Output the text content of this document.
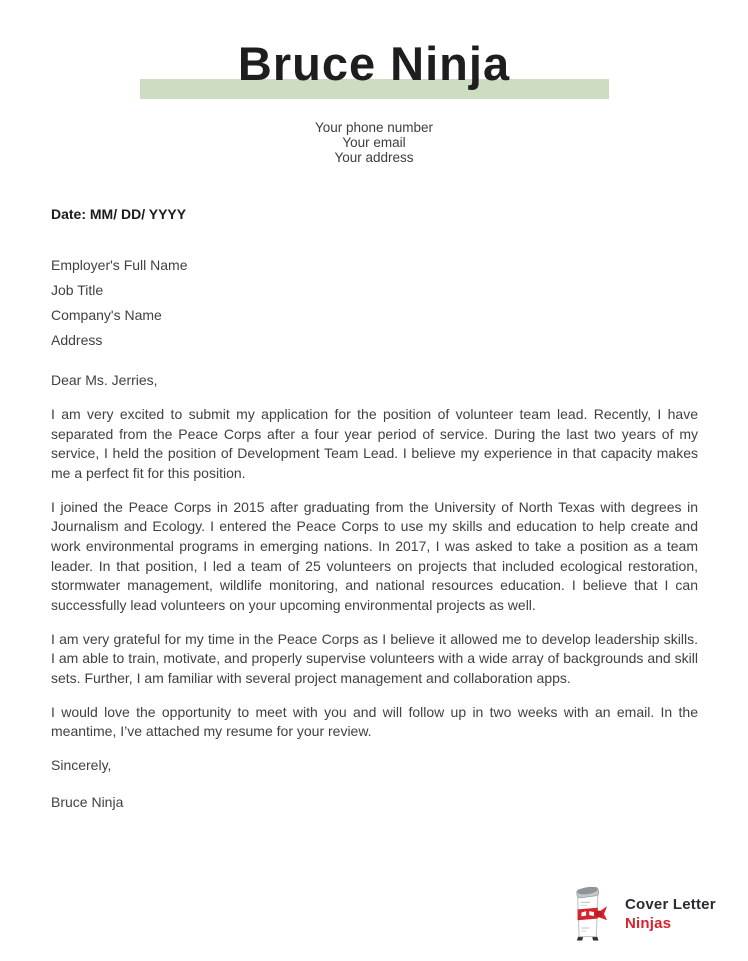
Bruce Ninja
Your phone number
Your email
Your address
Date: MM/ DD/ YYYY
Employer's Full Name
Job Title
Company's Name
Address

Dear Ms. Jerries,

I am very excited to submit my application for the position of volunteer team lead. Recently, I have separated from the Peace Corps after a four year period of service. During the last two years of my service, I held the position of Development Team Lead. I believe my experience in that capacity makes me a perfect fit for this position.

I joined the Peace Corps in 2015 after graduating from the University of North Texas with degrees in Journalism and Ecology. I entered the Peace Corps to use my skills and education to help create and work environmental programs in emerging nations. In 2017, I was asked to take a position as a team leader. In that position, I led a team of 25 volunteers on projects that included ecological restoration, stormwater management, wildlife monitoring, and national resources education. I believe that I can successfully lead volunteers on your upcoming environmental projects as well.

I am very grateful for my time in the Peace Corps as I believe it allowed me to develop leadership skills. I am able to train, motivate, and properly supervise volunteers with a wide array of backgrounds and skill sets. Further, I am familiar with several project management and collaboration apps.

I would love the opportunity to meet with you and will follow up in two weeks with an email. In the meantime, I’ve attached my resume for your review.

Sincerely,

Bruce Ninja

Cover Letter
Ninjas
